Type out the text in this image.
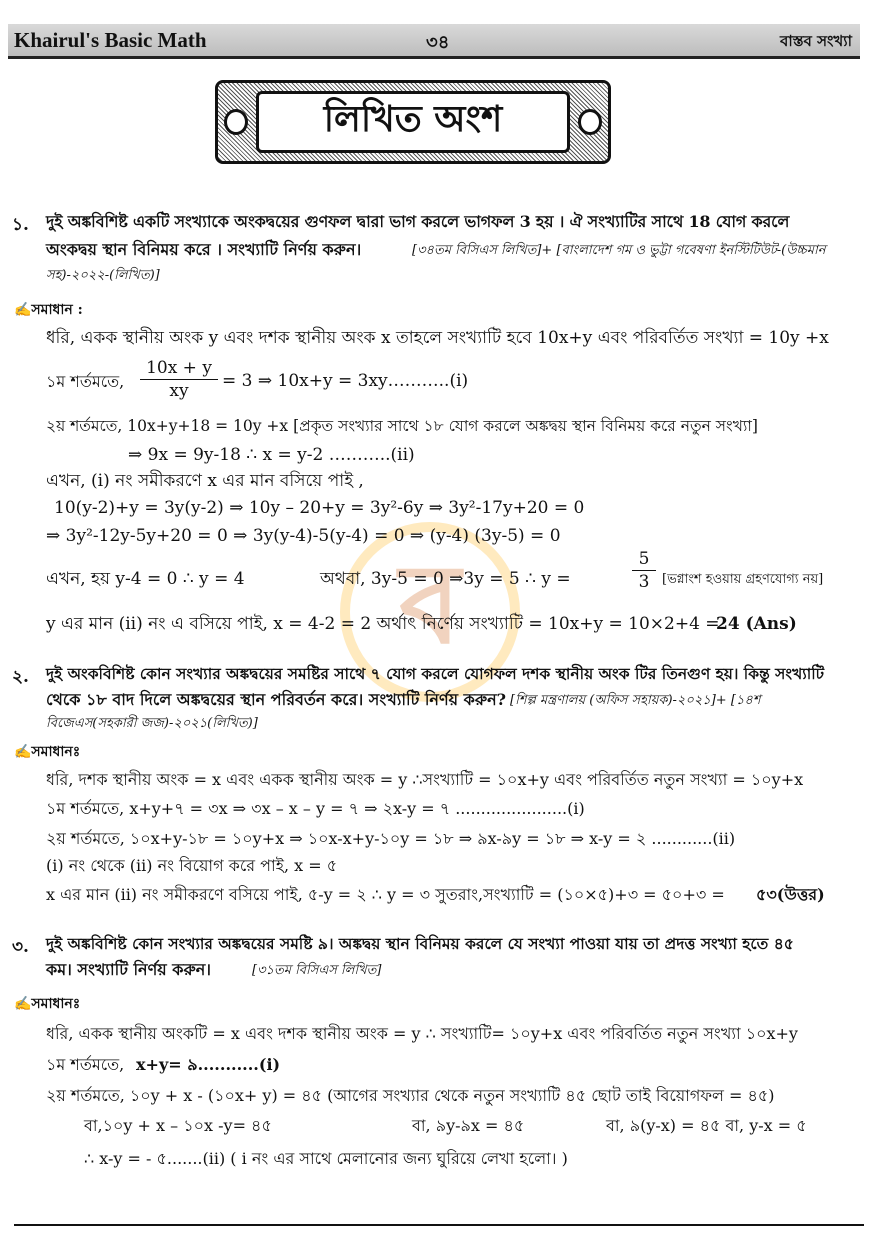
Khairul's Basic Math	৩৪	বাস্তব সংখ্যা
লিখিত অংশ
ব
১. দুই অঙ্কবিশিষ্ট একটি সংখ্যাকে অংকদ্বয়ের গুণফল দ্বারা ভাগ করলে ভাগফল 3 হয় । ঐ সংখ্যাটির সাথে 18 যোগ করলে
অংকদ্বয় স্থান বিনিময় করে । সংখ্যাটি নির্ণয় করুন।	[৩৪তম বিসিএস লিখিত]+ [বাংলাদেশ গম ও ভুট্টা গবেষণা ইনস্টিটিউট-(উচ্চমান
সহ)-২০২২-(লিখিত)]
✍সমাধান :
ধরি, একক স্থানীয় অংক y এবং দশক স্থানীয় অংক x তাহলে সংখ্যাটি হবে 10x+y এবং পরিবর্তিত সংখ্যা = 10y +x
১ম শর্তমতে, $\frac{10x + y}{xy} = 3$ ⇒ 10x+y = 3xy………..(i)
২য় শর্তমতে, 10x+y+18 = 10y +x [প্রকৃত সংখ্যার সাথে ১৮ যোগ করলে অঙ্কদ্বয় স্থান বিনিময় করে নতুন সংখ্যা]
⇒ 9x = 9y-18 ∴ x = y-2 ………..(ii)
এখন, (i) নং সমীকরণে x এর মান বসিয়ে পাই ,
10(y-2)+y = 3y(y-2) ⇒ 10y – 20+y = 3y²-6y ⇒ 3y²-17y+20 = 0
⇒ 3y²-12y-5y+20 = 0 ⇒ 3y(y-4)-5(y-4) = 0 ⇒ (y-4) (3y-5) = 0
এখন, হয় y-4 = 0 ∴ y = 4	অথবা, 3y-5 = 0 ⇒3y = 5 ∴ y =	$\frac{5}{3}$ [ভগ্নাংশ হওয়ায় গ্রহণযোগ্য নয়]
y এর মান (ii) নং এ বসিয়ে পাই, x = 4-2 = 2 অর্থাৎ নির্ণেয় সংখ্যাটি = 10x+y = 10×2+4 =
24 (Ans)
২. দুই অংকবিশিষ্ট কোন সংখ্যার অঙ্কদ্বয়ের সমষ্টির সাথে ৭ যোগ করলে যোগফল দশক স্থানীয় অংক টির তিনগুণ হয়। কিন্তু সংখ্যাটি
থেকে ১৮ বাদ দিলে অঙ্কদ্বয়ের স্থান পরিবর্তন করে। সংখ্যাটি নির্ণয় করুন? [শিল্প মন্ত্রণালয় (অফিস সহায়ক)-২০২১]+ [১৪শ
বিজেএস(সহকারী জজ)-২০২১(লিখিত)]
✍সমাধানঃ
ধরি, দশক স্থানীয় অংক = x এবং একক স্থানীয় অংক = y ∴সংখ্যাটি = ১০x+y এবং পরিবর্তিত নতুন সংখ্যা = ১০y+x
১ম শর্তমতে, x+y+৭ = ৩x ⇒ ৩x – x – y = ৭ ⇒ ২x-y = ৭ ......................(i)
২য় শর্তমতে, ১০x+y-১৮ = ১০y+x ⇒ ১০x-x+y-১০y = ১৮ ⇒ ৯x-৯y = ১৮ ⇒ x-y = ২ ............(ii)
(i) নং থেকে (ii) নং বিয়োগ করে পাই, x = ৫
x এর মান (ii) নং সমীকরণে বসিয়ে পাই, ৫-y = ২ ∴ y = ৩ সুতরাং,সংখ্যাটি = (১০×৫)+৩ = ৫০+৩ = ৫৩(উত্তর)
৩. দুই অঙ্কবিশিষ্ট কোন সংখ্যার অঙ্কদ্বয়ের সমষ্টি ৯। অঙ্কদ্বয় স্থান বিনিময় করলে যে সংখ্যা পাওয়া যায় তা প্রদত্ত সংখ্যা হতে ৪৫
কম। সংখ্যাটি নির্ণয় করুন।	[৩১তম বিসিএস লিখিত]
✍সমাধানঃ
ধরি, একক স্থানীয় অংকটি = x এবং দশক স্থানীয় অংক = y ∴ সংখ্যাটি= ১০y+x এবং পরিবর্তিত নতুন সংখ্যা ১০x+y
১ম শর্তমতে, x+y= ৯...........(i)
২য় শর্তমতে, ১০y + x - (১০x+ y) = ৪৫ (আগের সংখ্যার থেকে নতুন সংখ্যাটি ৪৫ ছোট তাই বিয়োগফল = ৪৫)
বা,১০y + x – ১০x -y= ৪৫	বা, ৯y-৯x = ৪৫	বা, ৯(y-x) = ৪৫ বা, y-x = ৫
∴ x-y = - ৫.......(ii) ( i নং এর সাথে মেলানোর জন্য ঘুরিয়ে লেখা হলো। )
